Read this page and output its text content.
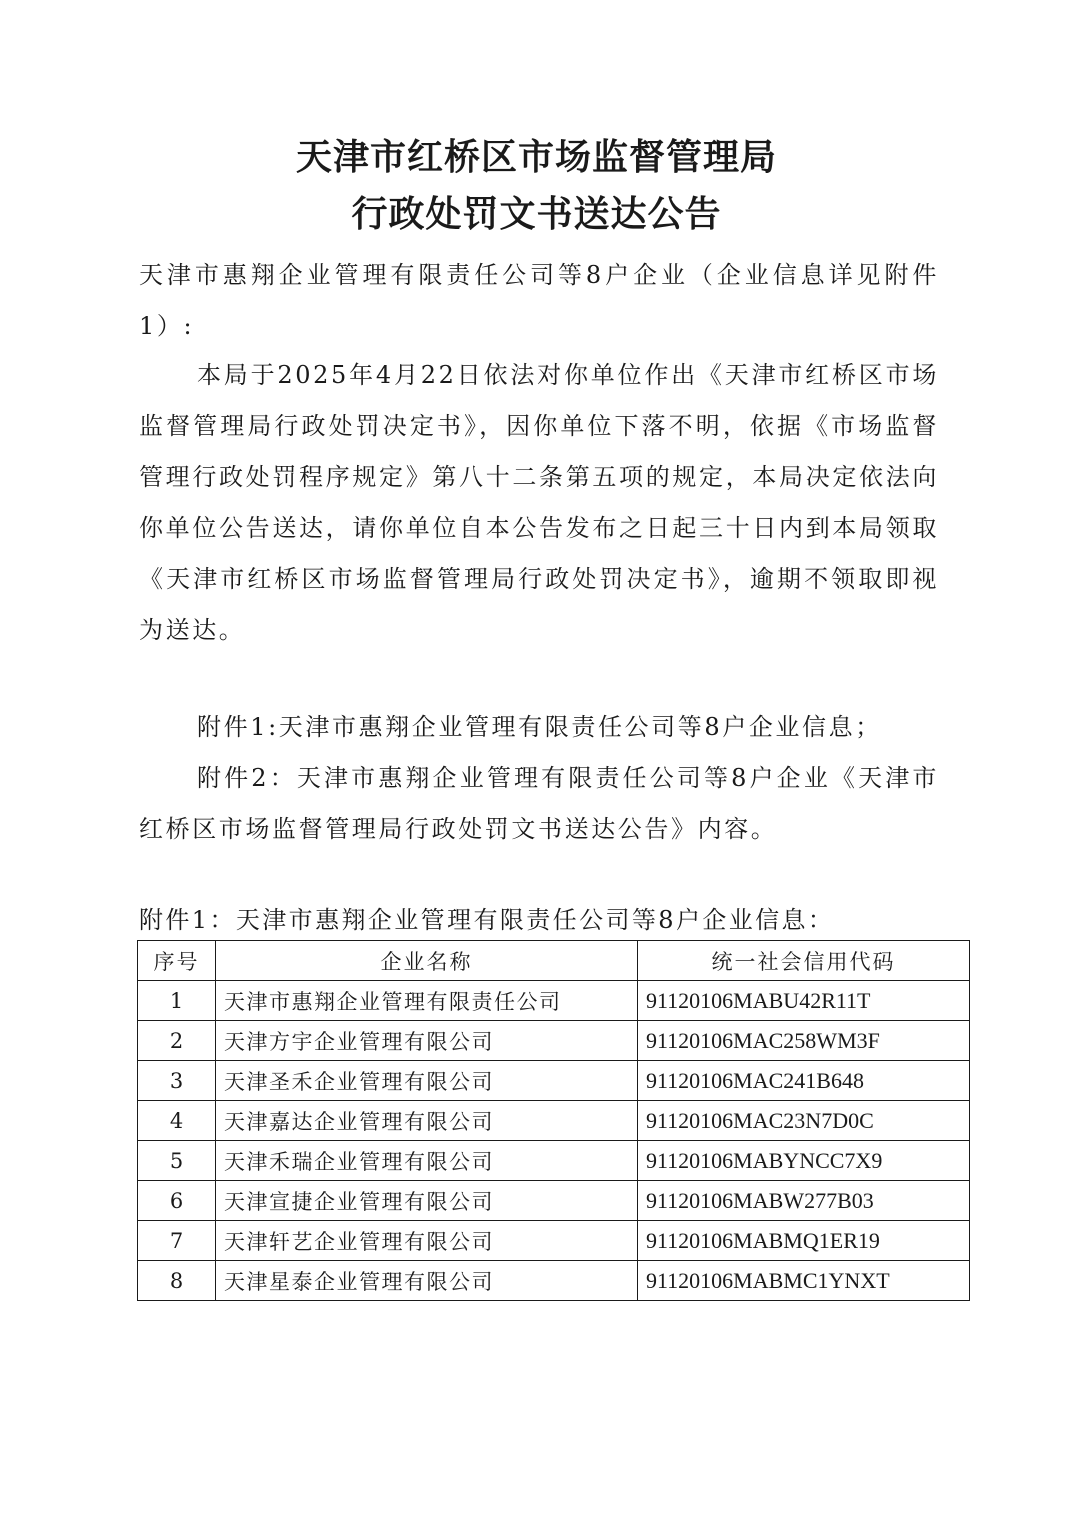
天津市红桥区市场监督管理局
行政处罚文书送达公告

天津市惠翔企业管理有限责任公司等8户企业（企业信息详见附件1）:

本局于2025年4月22日依法对你单位作出《天津市红桥区市场监督管理局行政处罚决定书》，因你单位下落不明，依据《市场监督管理行政处罚程序规定》第八十二条第五项的规定，本局决定依法向你单位公告送达，请你单位自本公告发布之日起三十日内到本局领取《天津市红桥区市场监督管理局行政处罚决定书》，逾期不领取即视为送达。

附件1:天津市惠翔企业管理有限责任公司等8户企业信息；

附件2：天津市惠翔企业管理有限责任公司等8户企业《天津市红桥区市场监督管理局行政处罚文书送达公告》内容。

附件1：天津市惠翔企业管理有限责任公司等8户企业信息：
序号	企业名称	统一社会信用代码
1	天津市惠翔企业管理有限责任公司	91120106MABU42R11T
2	天津方宇企业管理有限公司	91120106MAC258WM3F
3	天津圣禾企业管理有限公司	91120106MAC241B648
4	天津嘉达企业管理有限公司	91120106MAC23N7D0C
5	天津禾瑞企业管理有限公司	91120106MABYNCC7X9
6	天津宣捷企业管理有限公司	91120106MABW277B03
7	天津轩艺企业管理有限公司	91120106MABMQ1ER19
8	天津星泰企业管理有限公司	91120106MABMC1YNXT
